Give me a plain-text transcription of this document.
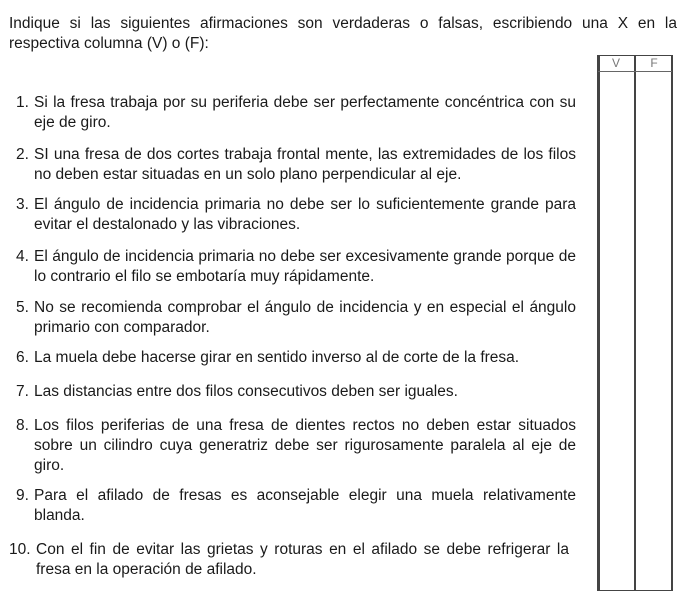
Indique si las siguientes afirmaciones son verdaderas o falsas, escribiendo una X en la respectiva columna (V) o (F):
1. Si la fresa trabaja por su periferia debe ser perfectamente concéntrica con su eje de giro.
2. SI una fresa de dos cortes trabaja frontal mente, las extremidades de los filos no deben estar situadas en un solo plano perpendicular al eje.
3. El ángulo de incidencia primaria no debe ser lo suficientemente grande para evitar el destalonado y las vibraciones.
4. El ángulo de incidencia primaria no debe ser excesivamente grande porque de lo contrario el filo se embotaría muy rápidamente.
5. No se recomienda comprobar el ángulo de incidencia y en especial el ángulo primario con comparador.
6. La muela debe hacerse girar en sentido inverso al de corte de la fresa.
7. Las distancias entre dos filos consecutivos deben ser iguales.
8. Los filos periferias de una fresa de dientes rectos no deben estar situados sobre un cilindro cuya generatriz debe ser rigurosamente paralela al eje de giro.
9. Para el afilado de fresas es aconsejable elegir una muela relativamente blanda.
10. Con el fin de evitar las grietas y roturas en el afilado se debe refrigerar la fresa en la operación de afilado.
V	F
